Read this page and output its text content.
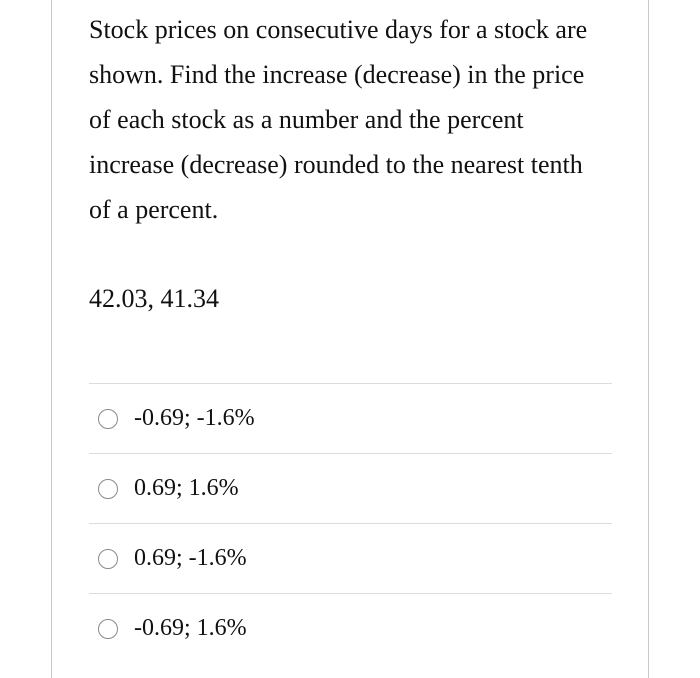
Stock prices on consecutive days for a stock are shown. Find the increase (decrease) in the price of each stock as a number and the percent increase (decrease) rounded to the nearest tenth of a percent.

42.03, 41.34

-0.69; -1.6%
0.69; 1.6%
0.69; -1.6%
-0.69; 1.6%
